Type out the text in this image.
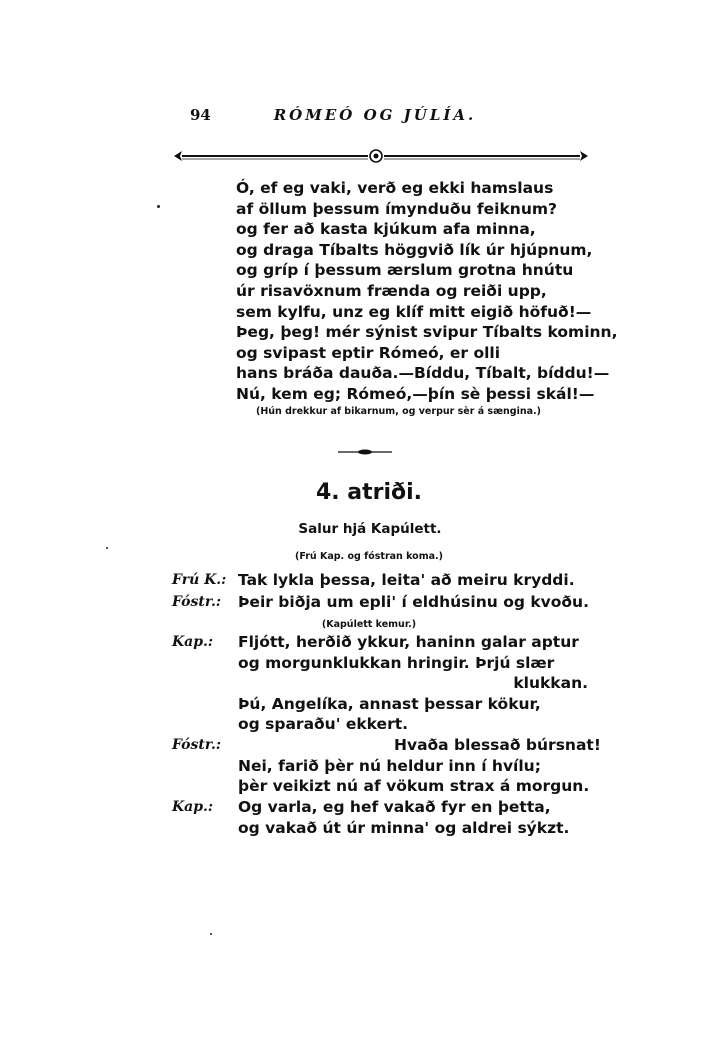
94	RÓMEÓ OG JÚLÍA.
Ó, ef eg vaki, verð eg ekki hamslaus
af öllum þessum ímynduðu feiknum?
og fer að kasta kjúkum afa minna,
og draga Tíbalts höggvið lík úr hjúpnum,
og gríp í þessum ærslum grotna hnútu
úr risavöxnum frænda og reiði upp,
sem kylfu, unz eg klíf mitt eigið höfuð!—
Þeg, þeg! mér sýnist svipur Tíbalts kominn,
og svipast eptir Rómeó, er olli
hans bráða dauða.—Bíddu, Tíbalt, bíddu!—
Nú, kem eg; Rómeó,—þín sè þessi skál!—
(Hún drekkur af bikarnum, og verpur sèr á sængina.)
4. atriði.
Salur hjá Kapúlett.
(Frú Kap. og fóstran koma.)
Frú K.: Tak lykla þessa, leita' að meiru kryddi.
Fóstr.:	Þeir biðja um epli' í eldhúsinu og kvoðu.
(Kapúlett kemur.)
Kap.:	Fljótt, herðið ykkur, haninn galar aptur
og morgunklukkan hringir. Þrjú slær
klukkan.
Þú, Angelíka, annast þessar kökur,
og sparaðu' ekkert.
Fóstr.:	Hvaða blessað búrsnat!
Nei, farið þèr nú heldur inn í hvílu;
þèr veikizt nú af vökum strax á morgun.
Kap.:	Og varla, eg hef vakað fyr en þetta,
og vakað út úr minna' og aldrei sýkzt.
